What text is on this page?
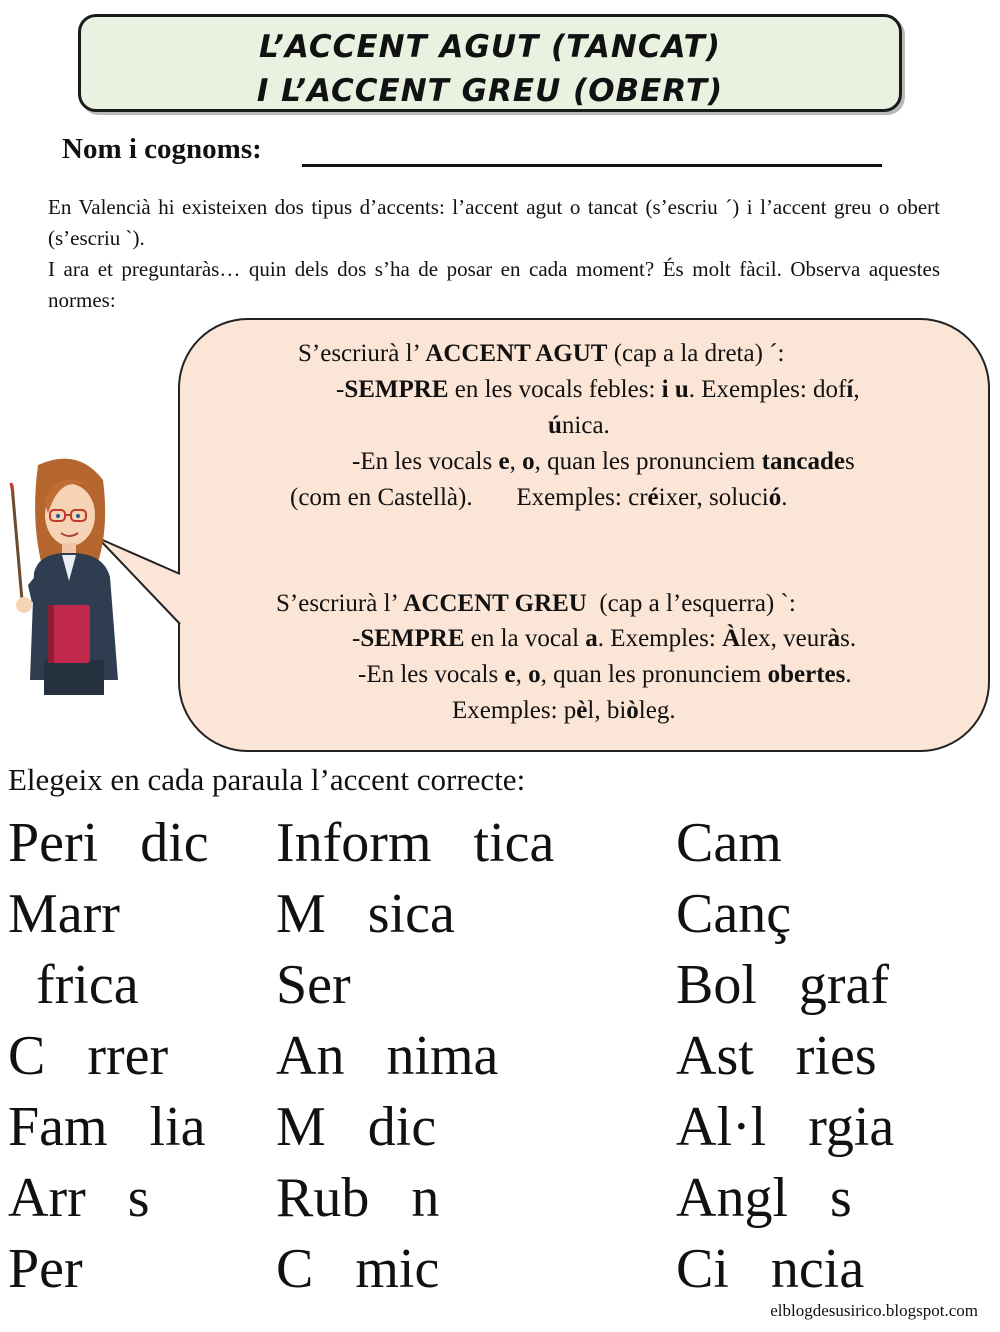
L’ACCENT AGUT (TANCAT)
I L’ACCENT GREU (OBERT)
Nom i cognoms:

En Valencià hi existeixen dos tipus d’accents: l’accent agut o tancat (s’escriu ´) i l’accent greu o obert (s’escriu `).

I ara et preguntaràs… quin dels dos s’ha de posar en cada moment? És molt fàcil. Observa aquestes normes:

S’escriurà l’ ACCENT AGUT (cap a la dreta) ´:
-SEMPRE en les vocals febles: i u. Exemples: dofí,
única.
-En les vocals e, o, quan les pronunciem tancades
(com en Castellà).       Exemples: créixer, solució.
S’escriurà l’ ACCENT GREU  (cap a l’esquerra) `:
-SEMPRE en la vocal a. Exemples: Àlex, veuràs.
-En les vocals e, o, quan les pronunciem obertes.
Exemples: pèl, biòleg.
Elegeix en cada paraula l’accent correcte:
Peri   dic
Marr
frica
C   rrer
Fam   lia
Arr   s
Per
Inform   tica
M   sica
Ser
An   nima
M   dic
Rub   n
C   mic
Cam
Canç
Bol   graf
Ast   ries
Al·l   rgia
Angl   s
Ci   ncia
elblogdesusirico.blogspot.com
